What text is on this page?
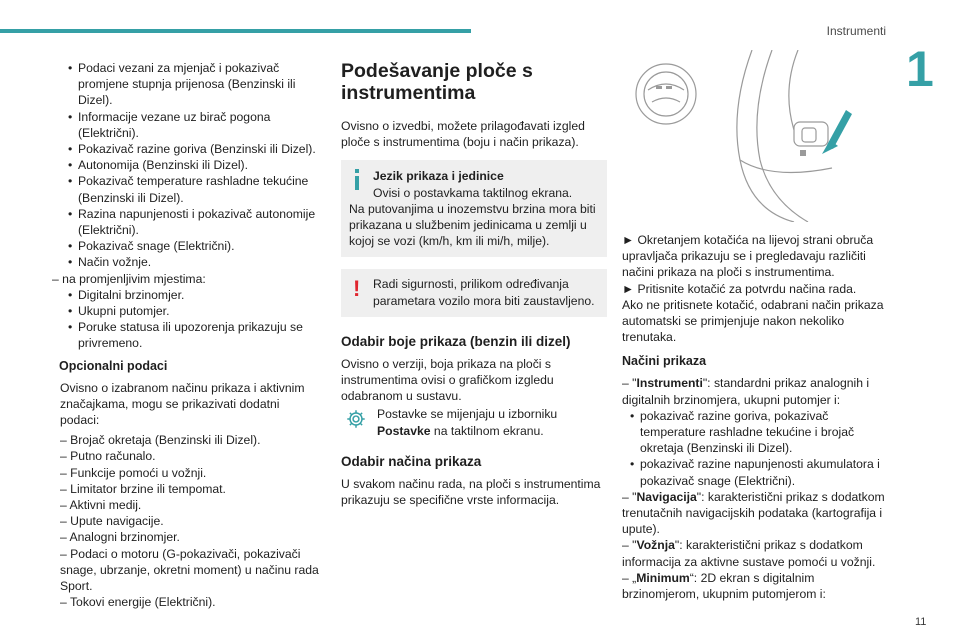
Instrumenti
1
11
• Podaci vezani za mjenjač i pokazivač promjene stupnja prijenosa (Benzinski ili Dizel).
• Informacije vezane uz birač pogona (Električni).
• Pokazivač razine goriva (Benzinski ili Dizel).
• Autonomija (Benzinski ili Dizel).
• Pokazivač temperature rashladne tekućine (Benzinski ili Dizel).
• Razina napunjenosti i pokazivač autonomije (Električni).
• Pokazivač snage (Električni).
• Način vožnje.
– na promjenljivim mjestima:
• Digitalni brzinomjer.
• Ukupni putomjer.
• Poruke statusa ili upozorenja prikazuju se privremeno.
Opcionalni podaci

Ovisno o izabranom načinu prikaza i aktivnim značajkama, mogu se prikazivati dodatni podaci:

– Brojač okretaja (Benzinski ili Dizel).
– Putno računalo.
– Funkcije pomoći u vožnji.
– Limitator brzine ili tempomat.
– Aktivni medij.
– Upute navigacije.
– Analogni brzinomjer.
– Podaci o motoru (G-pokazivači, pokazivači snage, ubrzanje, okretni moment) u načinu rada Sport.
– Tokovi energije (Električni).
Podešavanje ploče s instrumentima

Ovisno o izvedbi, možete prilagođavati izgled ploče s instrumentima (boju i način prikaza).

Jezik prikaza i jedinice
Ovisi o postavkama taktilnog ekrana.
Na putovanjima u inozemstvu brzina mora biti prikazana u službenim jedinicama u zemlji u kojoj se vozi (km/h, km ili mi/h, milje).
!	Radi sigurnosti, prilikom određivanja parametara vozilo mora biti zaustavljeno.
Odabir boje prikaza (benzin ili dizel)

Ovisno o verziji, boja prikaza na ploči s instrumentima ovisi o grafičkom izgledu odabranom u sustavu.

Postavke se mijenjaju u izborniku Postavke na taktilnom ekranu.
Odabir načina prikaza

U svakom načinu rada, na ploči s instrumentima prikazuju se specifične vrste informacija.

► Okretanjem kotačića na lijevoj strani obruča upravljača prikazuju se i pregledavaju različiti načini prikaza na ploči s instrumentima.

► Pritisnite kotačić za potvrdu načina rada.

Ako ne pritisnete kotačić, odabrani način prikaza automatski se primjenjuje nakon nekoliko trenutaka.

Načini prikaza
– "Instrumenti": standardni prikaz analognih i digitalnih brzinomjera, ukupni putomjer i:
• pokazivač razine goriva, pokazivač temperature rashladne tekućine i brojač okretaja (Benzinski ili Dizel).
• pokazivač razine napunjenosti akumulatora i pokazivač snage (Električni).
– "Navigacija": karakteristični prikaz s dodatkom trenutačnih navigacijskih podataka (kartografija i upute).
– "Vožnja": karakteristični prikaz s dodatkom informacija za aktivne sustave pomoći u vožnji.
– „Minimum“: 2D ekran s digitalnim brzinomjerom, ukupnim putomjerom i:
